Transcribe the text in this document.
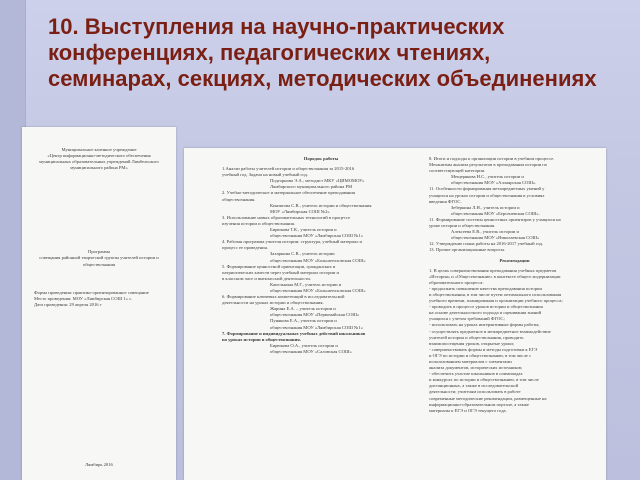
10. Выступления на научно-практических конференциях, педагогических чтениях, семинарах, секциях, методических объединениях
Муниципальное казенное учреждение
«Центр информационно-методического обеспечения
муниципальных образовательных учреждений Лямбельского
муниципального района РМ»
Программа
совещания районной творческой группы учителей истории и
обществознания
Форма проведения: практико-ориентированное совещание
Место проведения: МОУ «Лямбирская СОШ 1» с.
Дата проведения: 29 апреля 2016 г
Лямбирь 2016
Порядок работы
1.Анализ работы учителей истории и обществознания за 2015-2016
учебный год. Задачи на новый учебный год.
Подгорнова Э.А., методист МКУ «ЦИМОМОУ»
Лямбирского муниципального района РМ
2. Учебно-методическое и материальное обеспечение преподавания
обществознания.
Кинзягова С.В., учитель истории и обществознания
МОУ «Лямбирская СОШ №2»
3. Использование новых образовательных технологий в процессе
изучения истории и обществознания.
Бирюкова Т.К., учитель истории и
обществознания МОУ «Лямбирская СОШ №1»
4. Рабочая программа учителя истории: структура, учебный материал и
процесс ее проведения.
Захаркина С.В., учитель истории
обществознания МОУ «Большеелховская СОШ»
5. Формирование ценностной ориентации, гражданских и
патриотических качеств через учебный материал истории и
в классном часе и внеклассной деятельности.
Капелькина М.Г., учитель истории и
обществознания МОУ «Большеелховская СОШ»
6. Формирование ключевых компетенций в исследовательской
деятельности на уроках истории и обществознания.
Жарина Е.А. – учитель истории и
обществознания МОУ «Первомайская СОШ»
Пунякова Е.А., учитель истории и
обществознания МОУ «Лямбирская СОШ №1»
7. Формирование и индивидуальных учебных действий школьников
на уроках истории и обществознания.
Бирюкова О.А., учитель истории и
обществознания МОУ «Саловская СОШ»
8. Итоги и подходы к организации истории в учебном процессе.
Механизмы анализа результатов в преподавании истории по
соответствующей категории.
Мещерякова Н.С., учитель истории и
обществознания МОУ «Аллаярская СОШ».
11. Особенности формирования метапредметных умений у
учащихся на уроках истории и обществознания в условиях
введения ФГОС.
Зеберкина Л.Н., учитель истории и
обществознания МОУ «Берсеневская СОШ».
11. Формирование системы ценностных ориентиров у учащихся на
уроке истории и обществознания.
Алексеева Е.В., учитель истории и
обществознания МОУ «Николаевская СОШ»
12. Утверждение плана работы на 2016-2017 учебный год.
13. Прочие организационные вопросы.
Рекомендации
1. В целях совершенствования преподавания учебных предметов
«История» и «Обществознание» в контексте общего модернизации
образовательного процесса:
- продолжить повышение качества преподавания истории
и обществознания, в том числе путем оптимального использования
учебного времени, планирования и организации учебного процесса;
- проводить в процессе уроков истории и обществознания
на основе деятельностного подхода и оценивания знаний
учащихся с учетом требований ФГОС;
- использовать на уроках интерактивные формы работы;
- осуществлять предметное и межпредметное взаимодействие
учителей истории и обществознания, проводить
взаимопосещения уроков, открытые уроки;
- совершенствовать формы и методы подготовки к ЕГЭ
и ОГЭ по истории и обществознанию, в том числе с
использованием материалов с элементами
анализа документов, исторических источников;
- обеспечить участие школьников в олимпиадах
и конкурсах по истории и обществознанию, в том числе
дистанционных, а также в исследовательской
деятельности; учителям использовать в работе
современные методические рекомендации, размещенные на
информационно-образовательном портале, а также
материалы к ЕГЭ и ОГЭ текущего года.
